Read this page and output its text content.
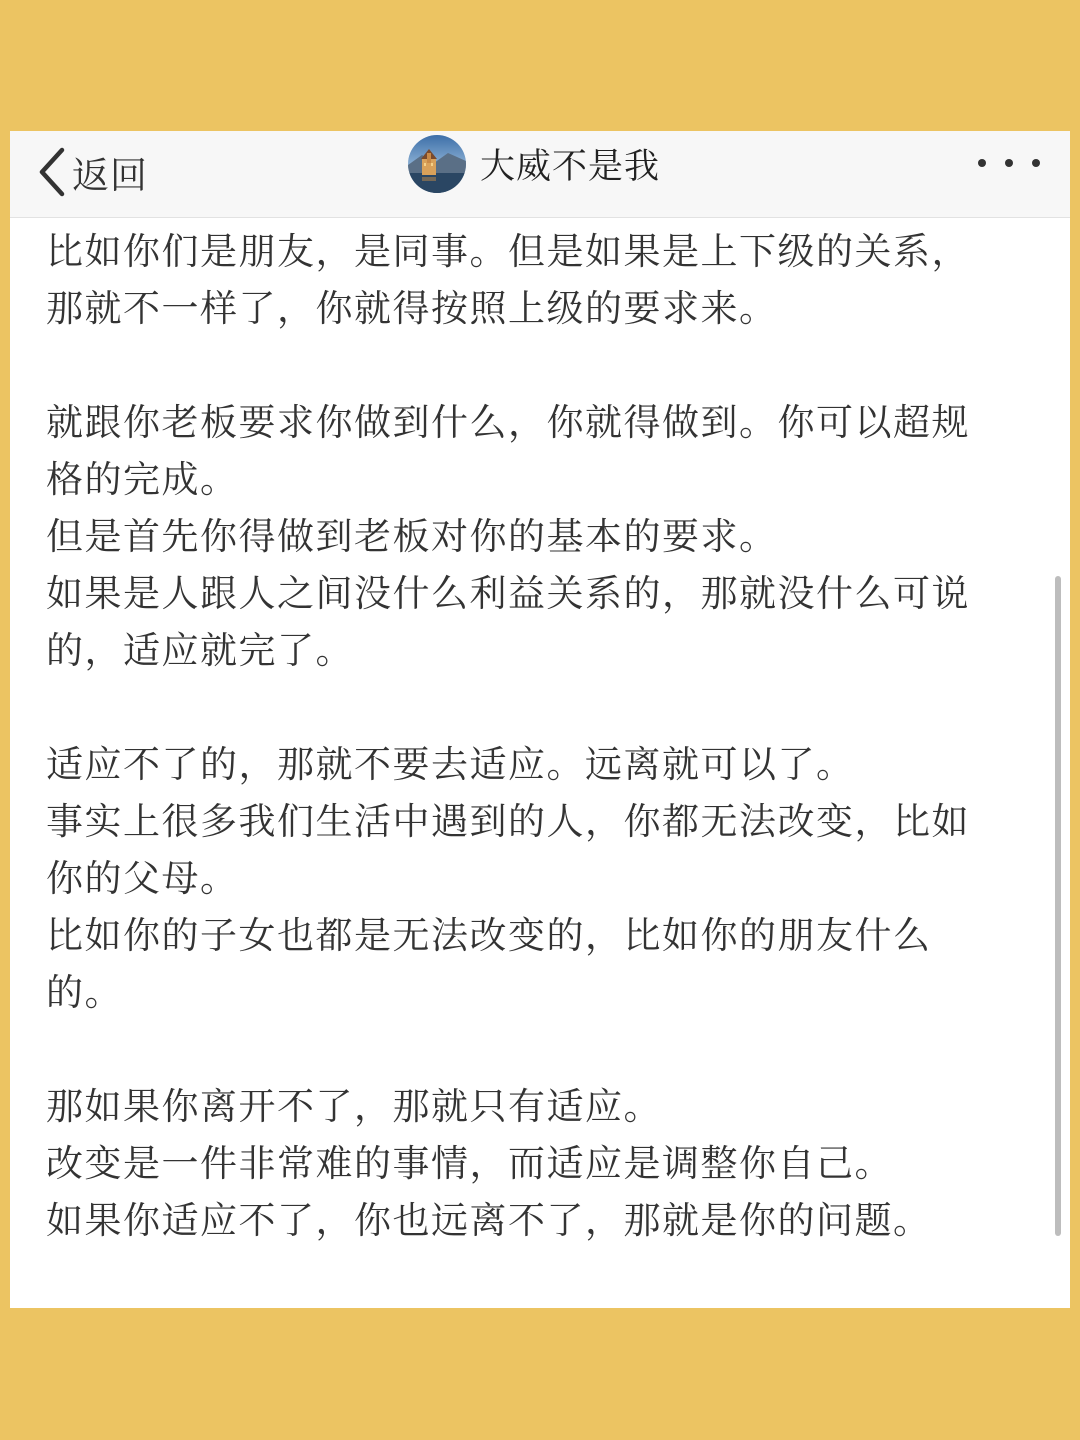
返回	大威不是我
比如你们是朋友，是同事。但是如果是上下级的关系，
那就不一样了，你就得按照上级的要求来。
就跟你老板要求你做到什么，你就得做到。你可以超规
格的完成。
但是首先你得做到老板对你的基本的要求。
如果是人跟人之间没什么利益关系的，那就没什么可说
的，适应就完了。
适应不了的，那就不要去适应。远离就可以了。
事实上很多我们生活中遇到的人，你都无法改变，比如
你的父母。
比如你的子女也都是无法改变的，比如你的朋友什么
的。
那如果你离开不了，那就只有适应。
改变是一件非常难的事情，而适应是调整你自己。
如果你适应不了，你也远离不了，那就是你的问题。
